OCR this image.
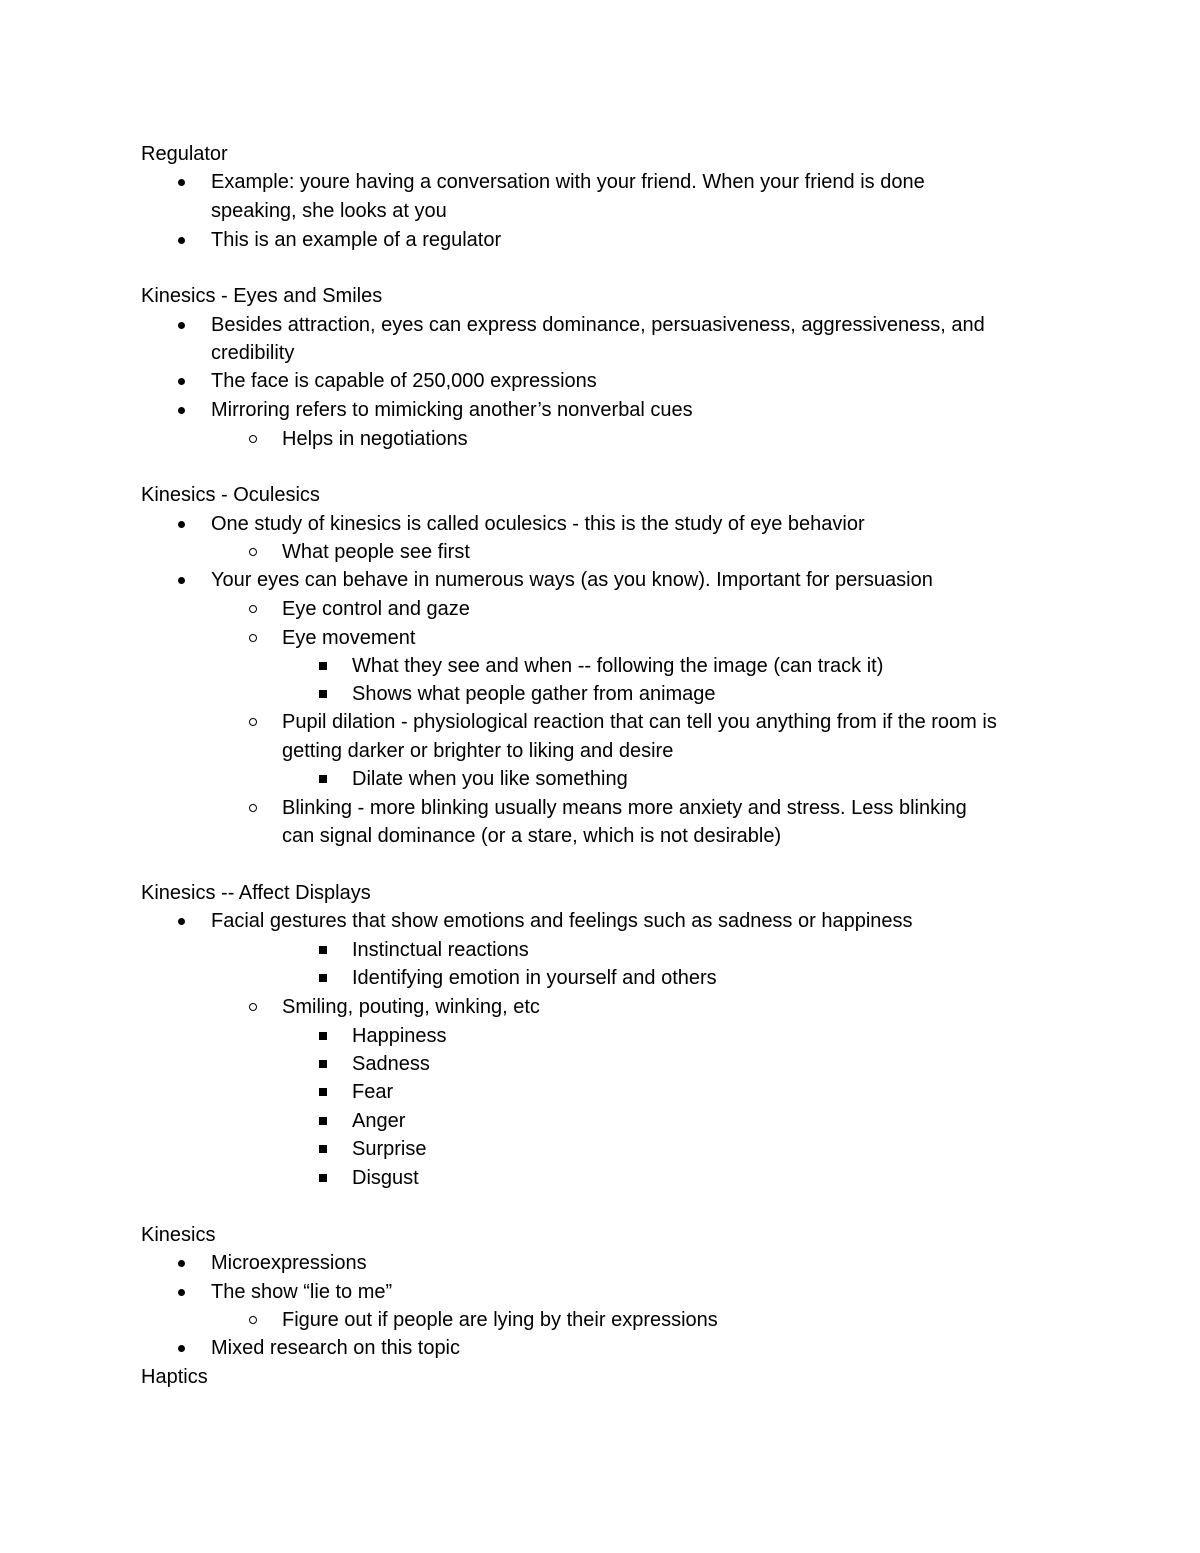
Regulator
Example: youre having a conversation with your friend. When your friend is done
speaking, she looks at you
This is an example of a regulator
Kinesics - Eyes and Smiles
Besides attraction, eyes can express dominance, persuasiveness, aggressiveness, and
credibility
The face is capable of 250,000 expressions
Mirroring refers to mimicking another’s nonverbal cues
Helps in negotiations
Kinesics - Oculesics
One study of kinesics is called oculesics - this is the study of eye behavior
What people see first
Your eyes can behave in numerous ways (as you know). Important for persuasion
Eye control and gaze
Eye movement
What they see and when -- following the image (can track it)
Shows what people gather from animage
Pupil dilation - physiological reaction that can tell you anything from if the room is
getting darker or brighter to liking and desire
Dilate when you like something
Blinking - more blinking usually means more anxiety and stress. Less blinking
can signal dominance (or a stare, which is not desirable)
Kinesics -- Affect Displays
Facial gestures that show emotions and feelings such as sadness or happiness
Instinctual reactions
Identifying emotion in yourself and others
Smiling, pouting, winking, etc
Happiness
Sadness
Fear
Anger
Surprise
Disgust
Kinesics
Microexpressions
The show “lie to me”
Figure out if people are lying by their expressions
Mixed research on this topic
Haptics
